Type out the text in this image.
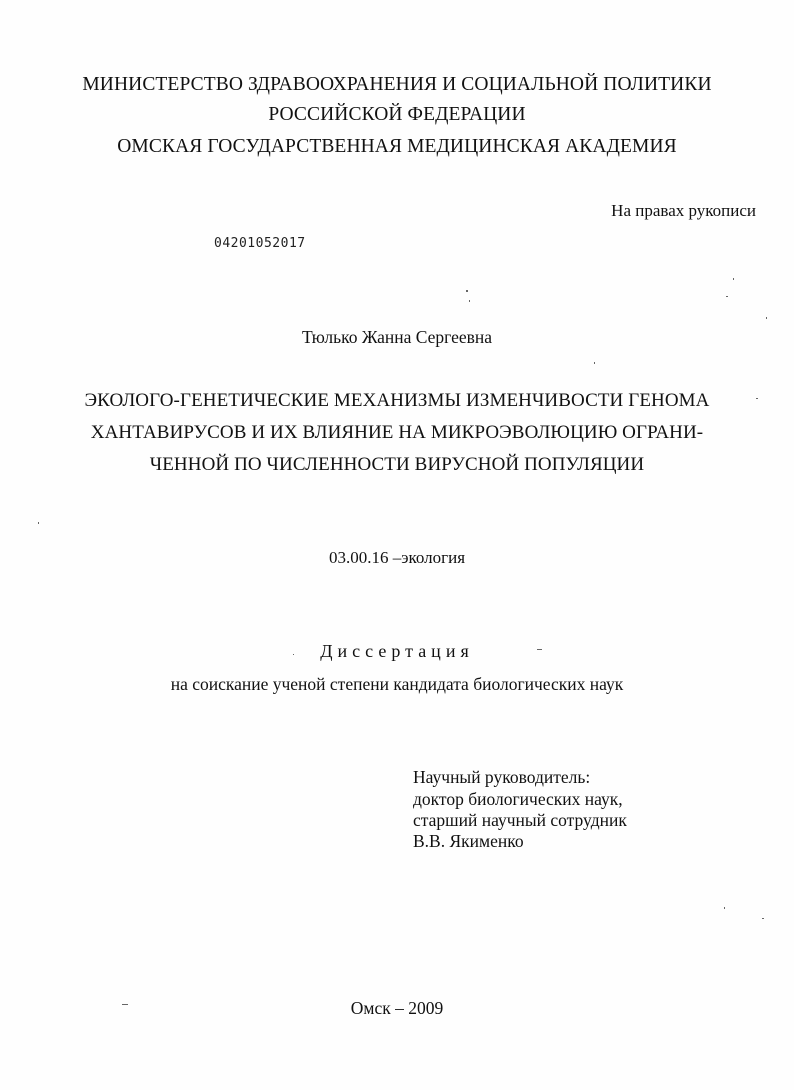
МИНИСТЕРСТВО ЗДРАВООХРАНЕНИЯ И СОЦИАЛЬНОЙ ПОЛИТИКИ
РОССИЙСКОЙ ФЕДЕРАЦИИ
ОМСКАЯ ГОСУДАРСТВЕННАЯ МЕДИЦИНСКАЯ АКАДЕМИЯ
На правах рукописи
04201052017
Тюлько Жанна Сергеевна
ЭКОЛОГО-ГЕНЕТИЧЕСКИЕ МЕХАНИЗМЫ ИЗМЕНЧИВОСТИ ГЕНОМА
ХАНТАВИРУСОВ И ИХ ВЛИЯНИЕ НА МИКРОЭВОЛЮЦИЮ ОГРАНИ-
ЧЕННОЙ ПО ЧИСЛЕННОСТИ ВИРУСНОЙ ПОПУЛЯЦИИ
03.00.16 –экология
Диссертация
на соискание ученой степени кандидата биологических наук
Научный руководитель:
доктор биологических наук,
старший научный сотрудник
В.В. Якименко
Омск – 2009
